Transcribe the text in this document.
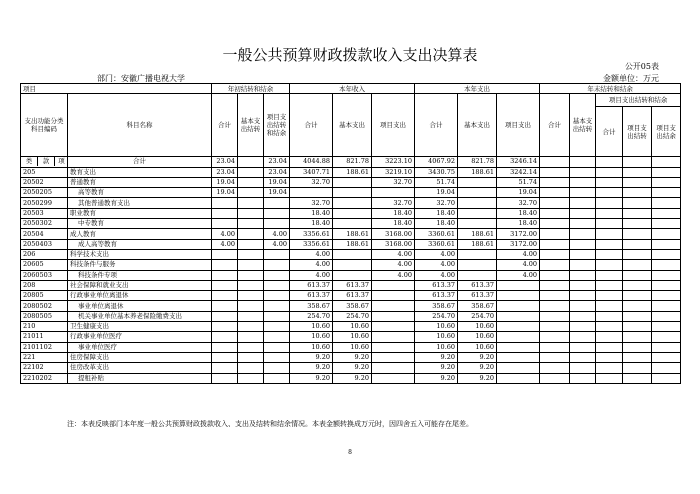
一般公共预算财政拨款收入支出决算表
公开05表
部门：安徽广播电视大学	金额单位：万元
项目		年初结转和结余			本年收入			本年支出			年末结转和结余				
支出功能分类科目编码	科目名称	合计	基本支出结转	项目支出结转和结余	合计	基本支出	项目支出	合计	基本支出	项目支出	合计	基本支出结转	项目支出结转和结余		
													合计	项目支出结转	项目支出结余
类 款 项	合计	23.04		23.04	4044.88	821.78	3223.10	4067.92	821.78	3246.14					
205	教育支出	23.04		23.04	3407.71	188.61	3219.10	3430.75	188.61	3242.14					
20502	普通教育	19.04		19.04	32.70		32.70	51.74		51.74					
2050205	高等教育	19.04		19.04				19.04		19.04					
2050299	其他普通教育支出				32.70		32.70	32.70		32.70					
20503	职业教育				18.40		18.40	18.40		18.40					
2050302	中专教育				18.40		18.40	18.40		18.40					
20504	成人教育	4.00		4.00	3356.61	188.61	3168.00	3360.61	188.61	3172.00					
2050403	成人高等教育	4.00		4.00	3356.61	188.61	3168.00	3360.61	188.61	3172.00					
206	科学技术支出				4.00		4.00	4.00		4.00					
20605	科技条件与服务				4.00		4.00	4.00		4.00					
2060503	科技条件专项				4.00		4.00	4.00		4.00					
208	社会保障和就业支出				613.37	613.37		613.37	613.37						
20805	行政事业单位离退休				613.37	613.37		613.37	613.37						
2080502	事业单位离退休				358.67	358.67		358.67	358.67						
2080505	机关事业单位基本养老保险缴费支出				254.70	254.70		254.70	254.70						
210	卫生健康支出				10.60	10.60		10.60	10.60						
21011	行政事业单位医疗				10.60	10.60		10.60	10.60						
2101102	事业单位医疗				10.60	10.60		10.60	10.60						
221	住房保障支出				9.20	9.20		9.20	9.20						
22102	住房改革支出				9.20	9.20		9.20	9.20						
2210202	提租补贴				9.20	9.20		9.20	9.20						
注：本表反映部门本年度一般公共预算财政拨款收入、支出及结转和结余情况。本表金额转换成万元时，因四舍五入可能存在尾差。
8
